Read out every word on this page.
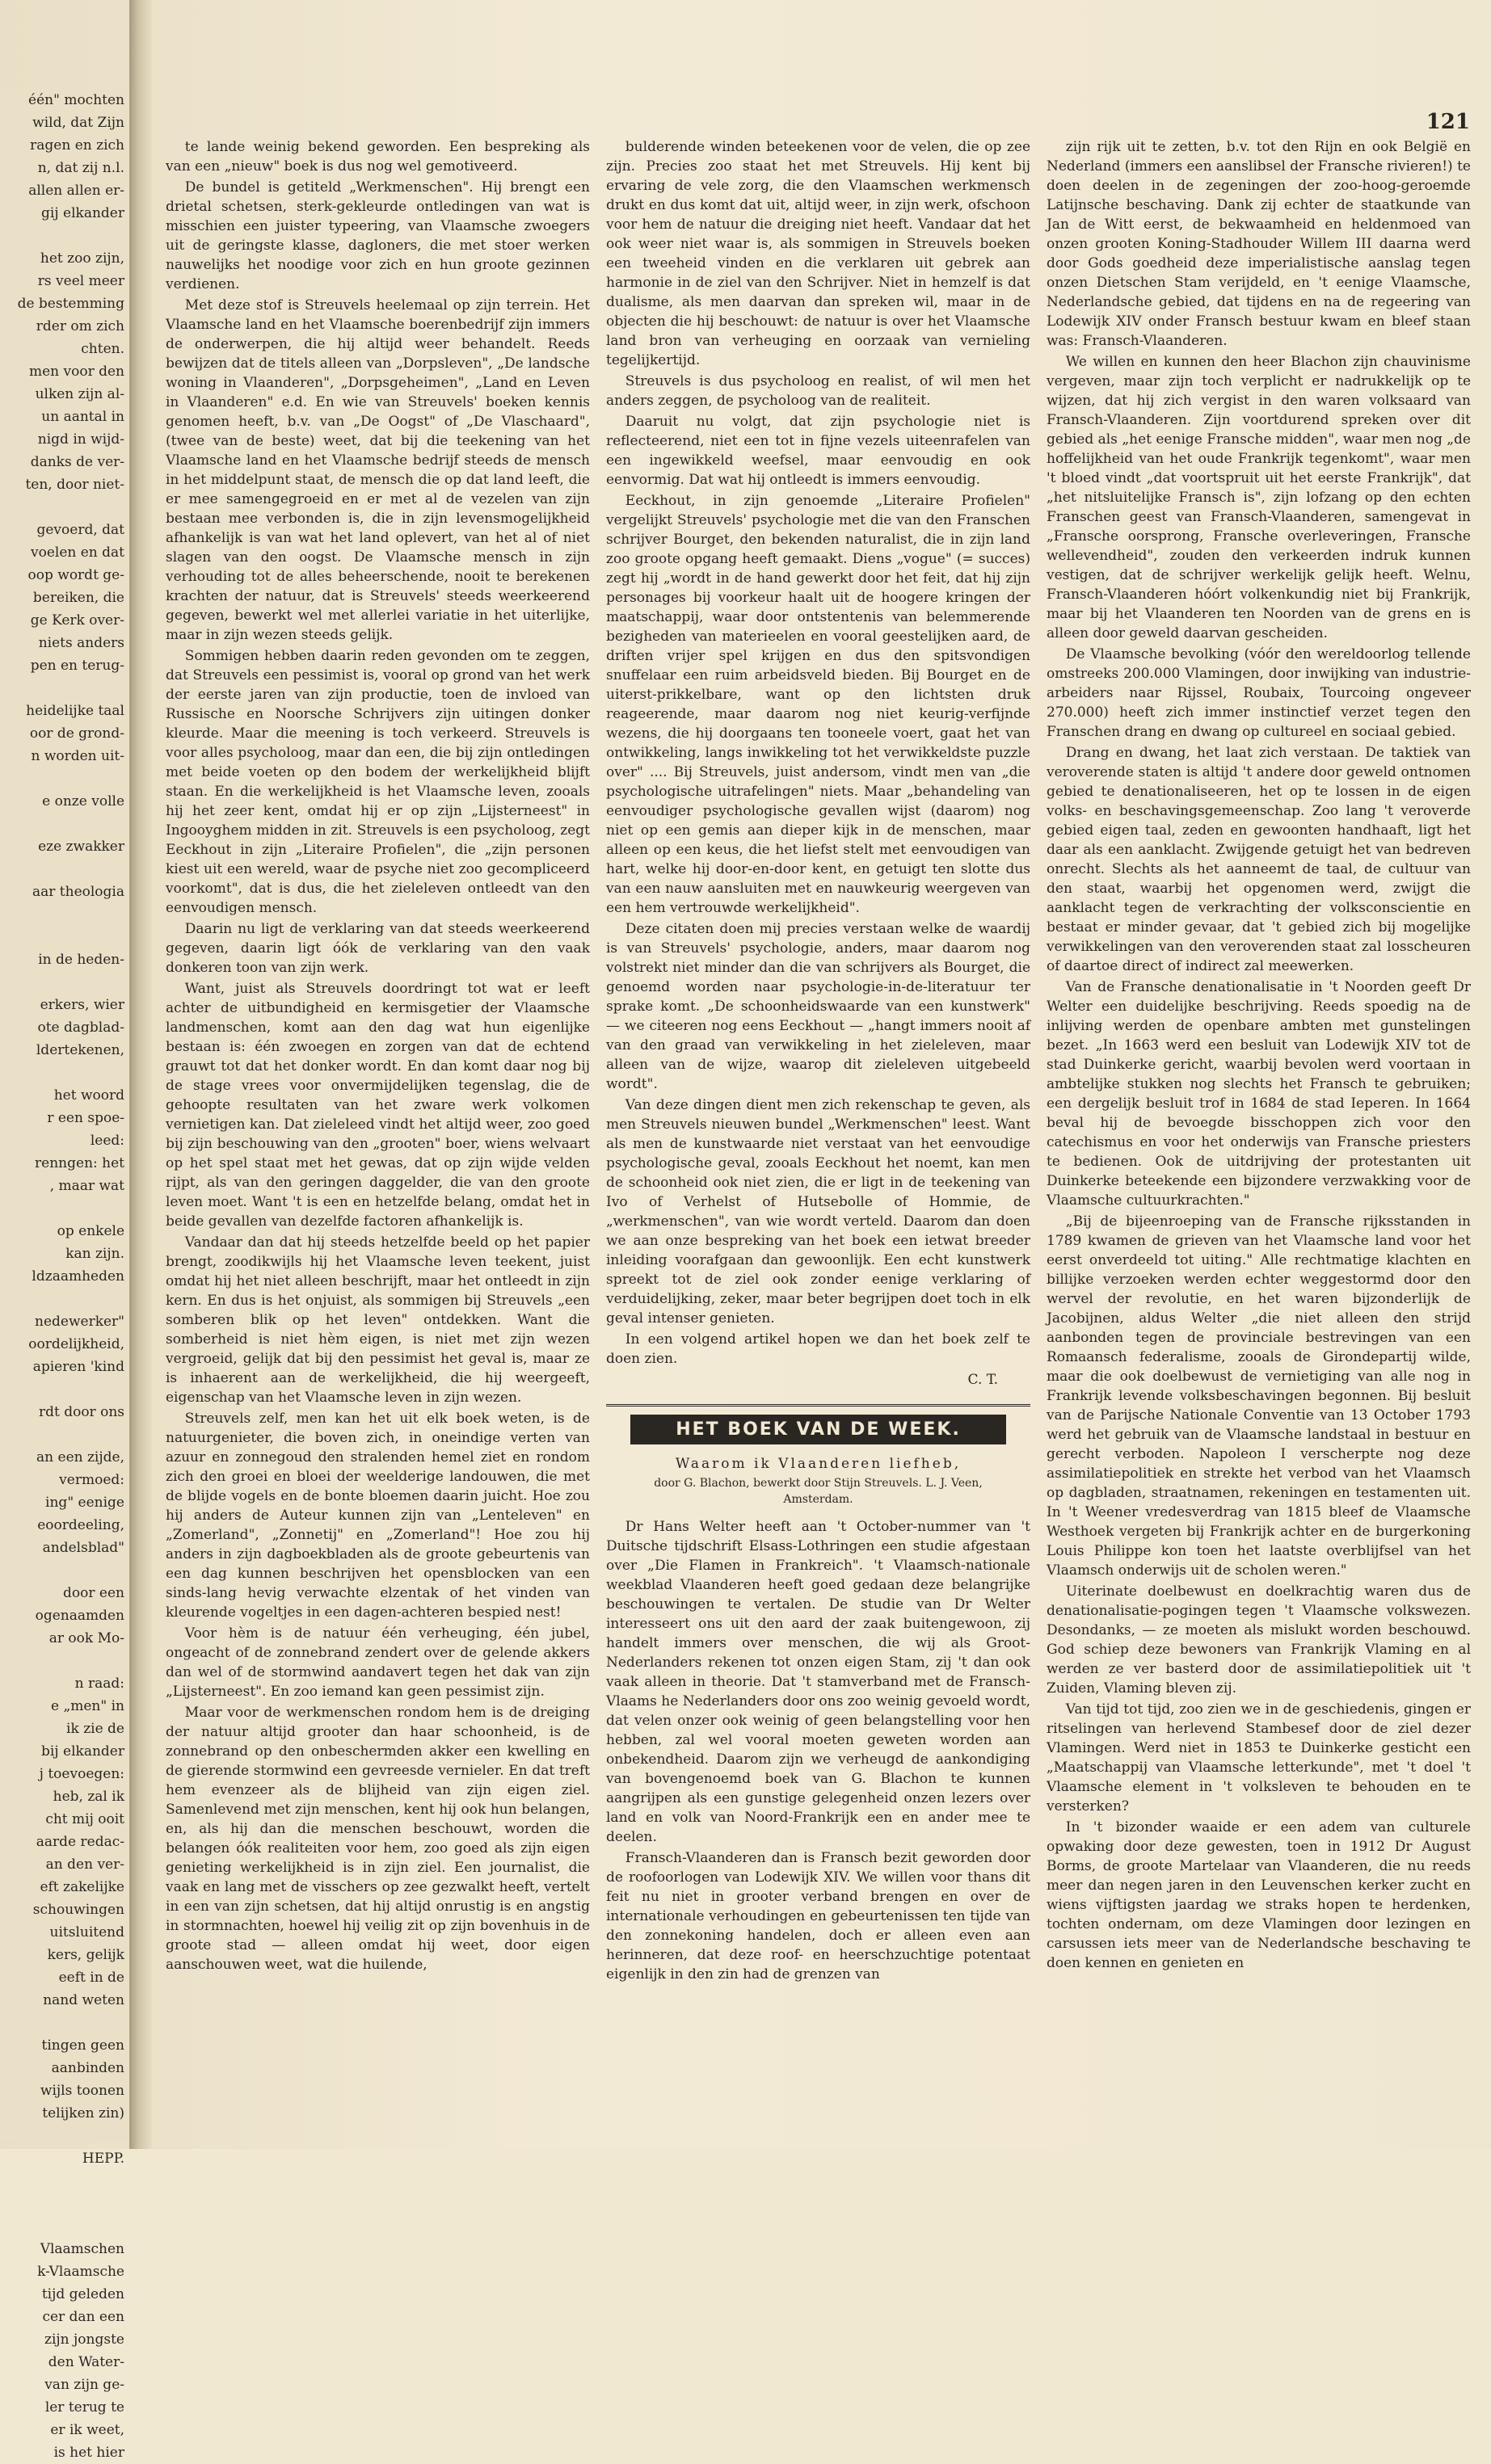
één" mochten

wild, dat Zijn

ragen en zich

n, dat zij n.l.

allen allen er-

gij elkander

het zoo zijn,

rs veel meer

de bestemming

rder om zich

chten.

men voor den

ulken zijn al-

un aantal in

nigd in wijd-

danks de ver-

ten, door niet-

gevoerd, dat

voelen en dat

oop wordt ge-

bereiken, die

ge Kerk over-

niets anders

pen en terug-

heidelijke taal

oor de grond-

n worden uit-

e onze volle

eze zwakker

aar theologia

in de heden-

erkers, wier

ote dagblad-

ldertekenen,

het woord

r een spoe-

leed:

renngen: het

, maar wat

op enkele

kan zijn.

ldzaamheden

nedewerker"

oordelijkheid,

apieren 'kind

rdt door ons

an een zijde,

vermoed:

ing" eenige

eoordeeling,

andelsblad"

door een

ogenaamden

ar ook Mo-

n raad:

e „men" in

ik zie de

bij elkander

j toevoegen:

heb, zal ik

cht mij ooit

aarde redac-

an den ver-

eft zakelijke

schouwingen

uitsluitend

kers, gelijk

eeft in de

nand weten

tingen geen

aanbinden

wijls toonen

telijken zin)

HEPP.

Vlaamschen

k-Vlaamsche

tijd geleden

cer dan een

zijn jongste

den Water-

van zijn ge-

ler terug te

er ik weet,

is het hier

121

te lande weinig bekend geworden. Een bespreking als van een „nieuw" boek is dus nog wel gemotiveerd.

De bundel is getiteld „Werkmenschen". Hij brengt een drietal schetsen, sterk-gekleurde ontledingen van wat is misschien een juister typeering, van Vlaamsche zwoegers uit de geringste klasse, dagloners, die met stoer werken nauwelijks het noodige voor zich en hun groote gezinnen verdienen.

Met deze stof is Streuvels heelemaal op zijn terrein. Het Vlaamsche land en het Vlaamsche boerenbedrijf zijn immers de onderwerpen, die hij altijd weer behandelt. Reeds bewijzen dat de titels alleen van „Dorpsleven", „De landsche woning in Vlaanderen", „Dorpsgeheimen", „Land en Leven in Vlaanderen" e.d. En wie van Streuvels' boeken kennis genomen heeft, b.v. van „De Oogst" of „De Vlaschaard", (twee van de beste) weet, dat bij die teekening van het Vlaamsche land en het Vlaamsche bedrijf steeds de mensch in het middelpunt staat, de mensch die op dat land leeft, die er mee samengegroeid en er met al de vezelen van zijn bestaan mee verbonden is, die in zijn levensmogelijkheid afhankelijk is van wat het land oplevert, van het al of niet slagen van den oogst. De Vlaamsche mensch in zijn verhouding tot de alles beheerschende, nooit te berekenen krachten der natuur, dat is Streuvels' steeds weerkeerend gegeven, bewerkt wel met allerlei variatie in het uiterlijke, maar in zijn wezen steeds gelijk.

Sommigen hebben daarin reden gevonden om te zeggen, dat Streuvels een pessimist is, vooral op grond van het werk der eerste jaren van zijn productie, toen de invloed van Russische en Noorsche Schrijvers zijn uitingen donker kleurde. Maar die meening is toch verkeerd. Streuvels is voor alles psycholoog, maar dan een, die bij zijn ontledingen met beide voeten op den bodem der werkelijkheid blijft staan. En die werkelijkheid is het Vlaamsche leven, zooals hij het zeer kent, omdat hij er op zijn „Lijsterneest" in Ingooyghem midden in zit. Streuvels is een psycholoog, zegt Eeckhout in zijn „Literaire Profielen", die „zijn personen kiest uit een wereld, waar de psyche niet zoo gecompliceerd voorkomt", dat is dus, die het zieleleven ontleedt van den eenvoudigen mensch.

Daarin nu ligt de verklaring van dat steeds weerkeerend gegeven, daarin ligt óók de verklaring van den vaak donkeren toon van zijn werk.

Want, juist als Streuvels doordringt tot wat er leeft achter de uitbundigheid en kermisgetier der Vlaamsche landmenschen, komt aan den dag wat hun eigenlijke bestaan is: één zwoegen en zorgen van dat de echtend grauwt tot dat het donker wordt. En dan komt daar nog bij de stage vrees voor onvermijdelijken tegenslag, die de gehoopte resultaten van het zware werk volkomen vernietigen kan. Dat zieleleed vindt het altijd weer, zoo goed bij zijn beschouwing van den „grooten" boer, wiens welvaart op het spel staat met het gewas, dat op zijn wijde velden rijpt, als van den geringen daggelder, die van den groote leven moet. Want 't is een en hetzelfde belang, omdat het in beide gevallen van dezelfde factoren afhankelijk is.

Vandaar dan dat hij steeds hetzelfde beeld op het papier brengt, zoodikwijls hij het Vlaamsche leven teekent, juist omdat hij het niet alleen beschrijft, maar het ontleedt in zijn kern. En dus is het onjuist, als sommigen bij Streuvels „een somberen blik op het leven" ontdekken. Want die somberheid is niet hèm eigen, is niet met zijn wezen vergroeid, gelijk dat bij den pessimist het geval is, maar ze is inhaerent aan de werkelijkheid, die hij weergeeft, eigenschap van het Vlaamsche leven in zijn wezen.

Streuvels zelf, men kan het uit elk boek weten, is de natuurgenieter, die boven zich, in oneindige verten van azuur en zonnegoud den stralenden hemel ziet en rondom zich den groei en bloei der weelderige landouwen, die met de blijde vogels en de bonte bloemen daarin juicht. Hoe zou hij anders de Auteur kunnen zijn van „Lenteleven" en „Zomerland", „Zonnetij" en „Zomerland"! Hoe zou hij anders in zijn dagboekbladen als de groote gebeurtenis van een dag kunnen beschrijven het opensblocken van een sinds-lang hevig verwachte elzentak of het vinden van kleurende vogeltjes in een dagen-achteren bespied nest!

Voor hèm is de natuur één verheuging, één jubel, ongeacht of de zonnebrand zendert over de gelende akkers dan wel of de stormwind aandavert tegen het dak van zijn „Lijsterneest". En zoo iemand kan geen pessimist zijn.

Maar voor de werkmenschen rondom hem is de dreiging der natuur altijd grooter dan haar schoonheid, is de zonnebrand op den onbeschermden akker een kwelling en de gierende stormwind een gevreesde vernieler. En dat treft hem evenzeer als de blijheid van zijn eigen ziel. Samenlevend met zijn menschen, kent hij ook hun belangen, en, als hij dan die menschen beschouwt, worden die belangen óók realiteiten voor hem, zoo goed als zijn eigen genieting werkelijkheid is in zijn ziel. Een journalist, die vaak en lang met de visschers op zee gezwalkt heeft, vertelt in een van zijn schetsen, dat hij altijd onrustig is en angstig in stormnachten, hoewel hij veilig zit op zijn bovenhuis in de groote stad — alleen omdat hij weet, door eigen aanschouwen weet, wat die huilende,

bulderende winden beteekenen voor de velen, die op zee zijn. Precies zoo staat het met Streuvels. Hij kent bij ervaring de vele zorg, die den Vlaamschen werkmensch drukt en dus komt dat uit, altijd weer, in zijn werk, ofschoon voor hem de natuur die dreiging niet heeft. Vandaar dat het ook weer niet waar is, als sommigen in Streuvels boeken een tweeheid vinden en die verklaren uit gebrek aan harmonie in de ziel van den Schrijver. Niet in hemzelf is dat dualisme, als men daarvan dan spreken wil, maar in de objecten die hij beschouwt: de natuur is over het Vlaamsche land bron van verheuging en oorzaak van vernieling tegelijkertijd.

Streuvels is dus psycholoog en realist, of wil men het anders zeggen, de psycholoog van de realiteit.

Daaruit nu volgt, dat zijn psychologie niet is reflecteerend, niet een tot in fijne vezels uiteenrafelen van een ingewikkeld weefsel, maar eenvoudig en ook eenvormig. Dat wat hij ontleedt is immers eenvoudig.

Eeckhout, in zijn genoemde „Literaire Profielen" vergelijkt Streuvels' psychologie met die van den Franschen schrijver Bourget, den bekenden naturalist, die in zijn land zoo groote opgang heeft gemaakt. Diens „vogue" (= succes) zegt hij „wordt in de hand gewerkt door het feit, dat hij zijn personages bij voorkeur haalt uit de hoogere kringen der maatschappij, waar door ontstentenis van belemmerende bezigheden van materieelen en vooral geestelijken aard, de driften vrijer spel krijgen en dus den spitsvondigen snuffelaar een ruim arbeidsveld bieden. Bij Bourget en de uiterst-prikkelbare, want op den lichtsten druk reageerende, maar daarom nog niet keurig-verfijnde wezens, die hij doorgaans ten tooneele voert, gaat het van ontwikkeling, langs inwikkeling tot het verwikkeldste puzzle over" .... Bij Streuvels, juist andersom, vindt men van „die psychologische uitrafelingen" niets. Maar „behandeling van eenvoudiger psychologische gevallen wijst (daarom) nog niet op een gemis aan dieper kijk in de menschen, maar alleen op een keus, die het liefst stelt met eenvoudigen van hart, welke hij door-en-door kent, en getuigt ten slotte dus van een nauw aansluiten met en nauwkeurig weergeven van een hem vertrouwde werkelijkheid".

Deze citaten doen mij precies verstaan welke de waardij is van Streuvels' psychologie, anders, maar daarom nog volstrekt niet minder dan die van schrijvers als Bourget, die genoemd worden naar psychologie-in-de-literatuur ter sprake komt. „De schoonheidswaarde van een kunstwerk" — we citeeren nog eens Eeckhout — „hangt immers nooit af van den graad van verwikkeling in het zieleleven, maar alleen van de wijze, waarop dit zieleleven uitgebeeld wordt".

Van deze dingen dient men zich rekenschap te geven, als men Streuvels nieuwen bundel „Werkmenschen" leest. Want als men de kunstwaarde niet verstaat van het eenvoudige psychologische geval, zooals Eeckhout het noemt, kan men de schoonheid ook niet zien, die er ligt in de teekening van Ivo of Verhelst of Hutsebolle of Hommie, de „werkmenschen", van wie wordt verteld. Daarom dan doen we aan onze bespreking van het boek een ietwat breeder inleiding voorafgaan dan gewoonlijk. Een echt kunstwerk spreekt tot de ziel ook zonder eenige verklaring of verduidelijking, zeker, maar beter begrijpen doet toch in elk geval intenser genieten.

In een volgend artikel hopen we dan het boek zelf te doen zien.

C. T.

HET BOEK VAN DE WEEK.
Waarom ik Vlaanderen liefheb,
door G. Blachon, bewerkt door Stijn Streuvels. L. J. Veen, Amsterdam.

Dr Hans Welter heeft aan 't October-nummer van 't Duitsche tijdschrift Elsass-Lothringen een studie afgestaan over „Die Flamen in Frankreich". 't Vlaamsch-nationale weekblad Vlaanderen heeft goed gedaan deze belangrijke beschouwingen te vertalen. De studie van Dr Welter interesseert ons uit den aard der zaak buitengewoon, zij handelt immers over menschen, die wij als Groot-Nederlanders rekenen tot onzen eigen Stam, zij 't dan ook vaak alleen in theorie. Dat 't stamverband met de Fransch-Vlaams he Nederlanders door ons zoo weinig gevoeld wordt, dat velen onzer ook weinig of geen belangstelling voor hen hebben, zal wel vooral moeten geweten worden aan onbekendheid. Daarom zijn we verheugd de aankondiging van bovengenoemd boek van G. Blachon te kunnen aangrijpen als een gunstige gelegenheid onzen lezers over land en volk van Noord-Frankrijk een en ander mee te deelen.

Fransch-Vlaanderen dan is Fransch bezit geworden door de roofoorlogen van Lodewijk XIV. We willen voor thans dit feit nu niet in grooter verband brengen en over de internationale verhoudingen en gebeurtenissen ten tijde van den zonnekoning handelen, doch er alleen even aan herinneren, dat deze roof- en heerschzuchtige potentaat eigenlijk in den zin had de grenzen van

zijn rijk uit te zetten, b.v. tot den Rijn en ook België en Nederland (immers een aanslibsel der Fransche rivieren!) te doen deelen in de zegeningen der zoo-hoog-geroemde Latijnsche beschaving. Dank zij echter de staatkunde van Jan de Witt eerst, de bekwaamheid en heldenmoed van onzen grooten Koning-Stadhouder Willem III daarna werd door Gods goedheid deze imperialistische aanslag tegen onzen Dietschen Stam verijdeld, en 't eenige Vlaamsche, Nederlandsche gebied, dat tijdens en na de regeering van Lodewijk XIV onder Fransch bestuur kwam en bleef staan was: Fransch-Vlaanderen.

We willen en kunnen den heer Blachon zijn chauvinisme vergeven, maar zijn toch verplicht er nadrukkelijk op te wijzen, dat hij zich vergist in den waren volksaard van Fransch-Vlaanderen. Zijn voortdurend spreken over dit gebied als „het eenige Fransche midden", waar men nog „de hoffelijkheid van het oude Frankrijk tegenkomt", waar men 't bloed vindt „dat voortspruit uit het eerste Frankrijk", dat „het nitsluitelijke Fransch is", zijn lofzang op den echten Franschen geest van Fransch-Vlaanderen, samengevat in „Fransche oorsprong, Fransche overleveringen, Fransche wellevendheid", zouden den verkeerden indruk kunnen vestigen, dat de schrijver werkelijk gelijk heeft. Welnu, Fransch-Vlaanderen hóórt volkenkundig niet bij Frankrijk, maar bij het Vlaanderen ten Noorden van de grens en is alleen door geweld daarvan gescheiden.

De Vlaamsche bevolking (vóór den wereldoorlog tellende omstreeks 200.000 Vlamingen, door inwijking van industrie-arbeiders naar Rijssel, Roubaix, Tourcoing ongeveer 270.000) heeft zich immer instinctief verzet tegen den Franschen drang en dwang op cultureel en sociaal gebied.

Drang en dwang, het laat zich verstaan. De taktiek van veroverende staten is altijd 't andere door geweld ontnomen gebied te denationaliseeren, het op te lossen in de eigen volks- en beschavingsgemeenschap. Zoo lang 't veroverde gebied eigen taal, zeden en gewoonten handhaaft, ligt het daar als een aanklacht. Zwijgende getuigt het van bedreven onrecht. Slechts als het aanneemt de taal, de cultuur van den staat, waarbij het opgenomen werd, zwijgt die aanklacht tegen de verkrachting der volksconscientie en bestaat er minder gevaar, dat 't gebied zich bij mogelijke verwikkelingen van den veroverenden staat zal losscheuren of daartoe direct of indirect zal meewerken.

Van de Fransche denationalisatie in 't Noorden geeft Dr Welter een duidelijke beschrijving. Reeds spoedig na de inlijving werden de openbare ambten met gunstelingen bezet. „In 1663 werd een besluit van Lodewijk XIV tot de stad Duinkerke gericht, waarbij bevolen werd voortaan in ambtelijke stukken nog slechts het Fransch te gebruiken; een dergelijk besluit trof in 1684 de stad Ieperen. In 1664 beval hij de bevoegde bisschoppen zich voor den catechismus en voor het onderwijs van Fransche priesters te bedienen. Ook de uitdrijving der protestanten uit Duinkerke beteekende een bijzondere verzwakking voor de Vlaamsche cultuurkrachten."

„Bij de bijeenroeping van de Fransche rijksstanden in 1789 kwamen de grieven van het Vlaamsche land voor het eerst onverdeeld tot uiting." Alle rechtmatige klachten en billijke verzoeken werden echter weggestormd door den wervel der revolutie, en het waren bijzonderlijk de Jacobijnen, aldus Welter „die niet alleen den strijd aanbonden tegen de provinciale bestrevingen van een Romaansch federalisme, zooals de Girondepartij wilde, maar die ook doelbewust de vernietiging van alle nog in Frankrijk levende volksbeschavingen begonnen. Bij besluit van de Parijsche Nationale Conventie van 13 October 1793 werd het gebruik van de Vlaamsche landstaal in bestuur en gerecht verboden. Napoleon I verscherpte nog deze assimilatiepolitiek en strekte het verbod van het Vlaamsch op dagbladen, straatnamen, rekeningen en testamenten uit. In 't Weener vredesverdrag van 1815 bleef de Vlaamsche Westhoek vergeten bij Frankrijk achter en de burgerkoning Louis Philippe kon toen het laatste overblijfsel van het Vlaamsch onderwijs uit de scholen weren."

Uiterinate doelbewust en doelkrachtig waren dus de denationalisatie-pogingen tegen 't Vlaamsche volkswezen. Desondanks, — ze moeten als mislukt worden beschouwd. God schiep deze bewoners van Frankrijk Vlaming en al werden ze ver basterd door de assimilatiepolitiek uit 't Zuiden, Vlaming bleven zij.

Van tijd tot tijd, zoo zien we in de geschiedenis, gingen er ritselingen van herlevend Stambesef door de ziel dezer Vlamingen. Werd niet in 1853 te Duinkerke gesticht een „Maatschappij van Vlaamsche letterkunde", met 't doel 't Vlaamsche element in 't volksleven te behouden en te versterken?

In 't bizonder waaide er een adem van culturele opwaking door deze gewesten, toen in 1912 Dr August Borms, de groote Martelaar van Vlaanderen, die nu reeds meer dan negen jaren in den Leuvenschen kerker zucht en wiens vijftigsten jaardag we straks hopen te herdenken, tochten ondernam, om deze Vlamingen door lezingen en carsussen iets meer van de Nederlandsche beschaving te doen kennen en genieten en
